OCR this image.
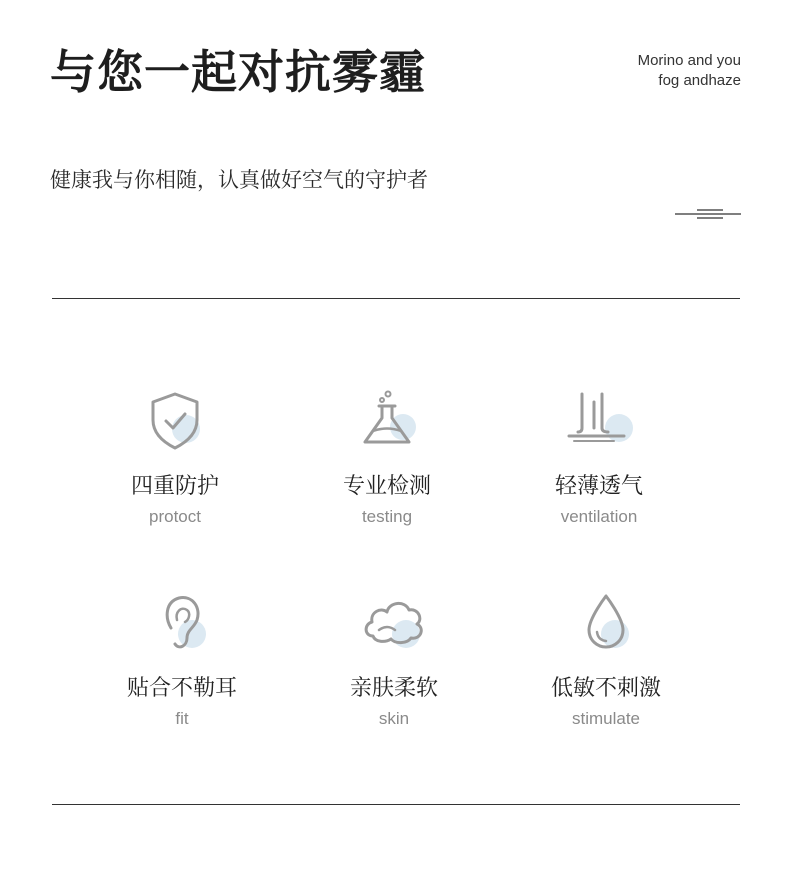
与您一起对抗雾霾	Morino and you
fog andhaze
健康我与你相随，认真做好空气的守护者
四重防护
protoct
专业检测
testing
轻薄透气
ventilation
贴合不勒耳
fit
亲肤柔软
skin
低敏不刺激
stimulate
